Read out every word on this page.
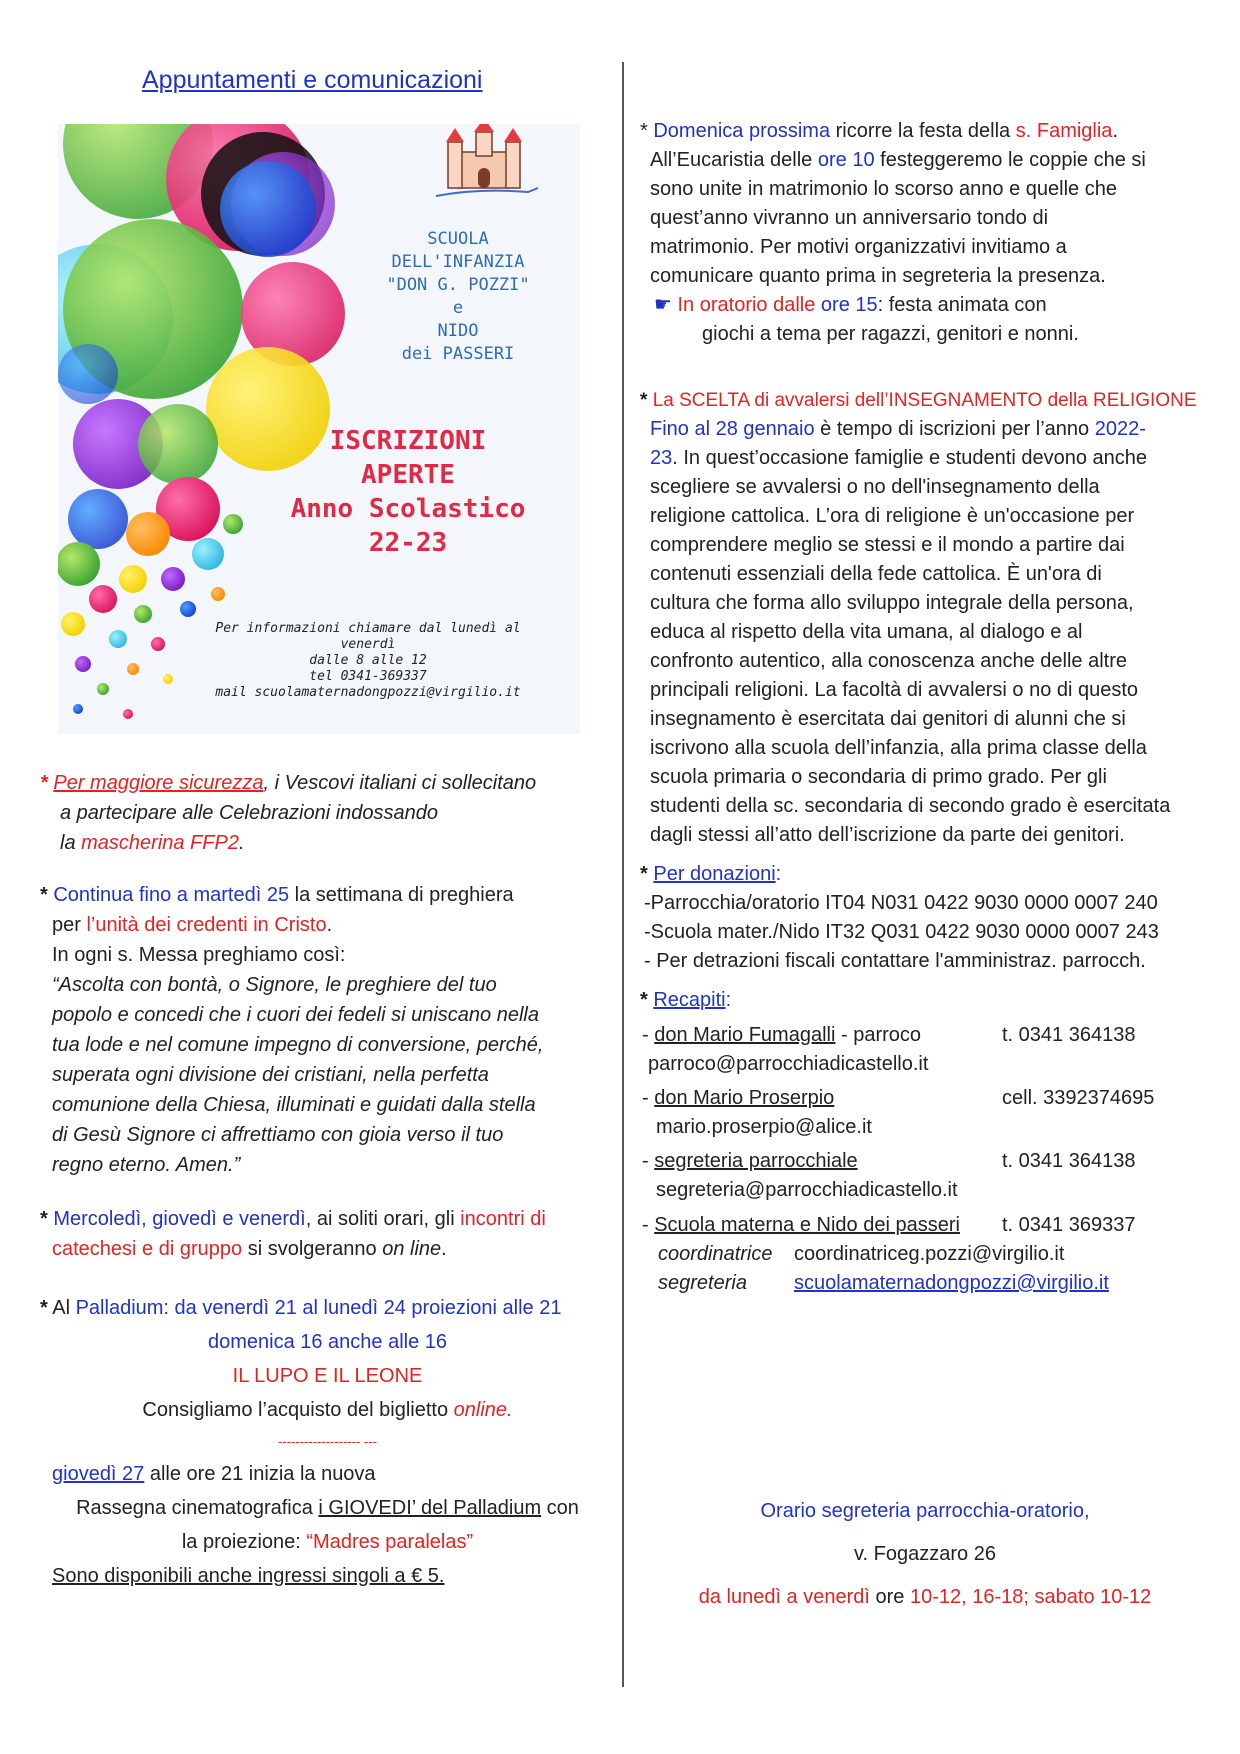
Appuntamenti e comunicazioni
SCUOLA
DELL'INFANZIA
"DON G. POZZI"
e
NIDO
dei PASSERI
ISCRIZIONI
APERTE
Anno Scolastico
22-23
Per informazioni chiamare dal lunedì al
venerdì
dalle 8 alle 12
tel 0341-369337
mail scuolamaternadongpozzi@virgilio.it
* Per maggiore sicurezza, i Vescovi italiani ci sollecitano
a partecipare alle Celebrazioni indossando
la mascherina FFP2.
* Continua fino a martedì 25 la settimana di preghiera
per l’unità dei credenti in Cristo.
In ogni s. Messa preghiamo così:
“Ascolta con bontà, o Signore, le preghiere del tuo
popolo e concedi che i cuori dei fedeli si uniscano nella
tua lode e nel comune impegno di conversione, perché,
superata ogni divisione dei cristiani, nella perfetta
comunione della Chiesa, illuminati e guidati dalla stella
di Gesù Signore ci affrettiamo con gioia verso il tuo
regno eterno. Amen.”
* Mercoledì, giovedì e venerdì, ai soliti orari, gli incontri di
catechesi e di gruppo si svolgeranno on line.
* Al Palladium: da venerdì 21 al lunedì 24 proiezioni alle 21
domenica 16 anche alle 16
IL LUPO E IL LEONE
Consigliamo l’acquisto del biglietto online.
------------------- ---
giovedì 27 alle ore 21 inizia la nuova
Rassegna cinematografica i GIOVEDI’ del Palladium con
la proiezione: “Madres paralelas”
Sono disponibili anche ingressi singoli a € 5.
* Domenica prossima ricorre la festa della s. Famiglia.
All’Eucaristia delle ore 10 festeggeremo le coppie che si
sono unite in matrimonio lo scorso anno e quelle che
quest’anno vivranno un anniversario tondo di
matrimonio. Per motivi organizzativi invitiamo a
comunicare quanto prima in segreteria la presenza.
☛ In oratorio dalle ore 15: festa animata con
giochi a tema per ragazzi, genitori e nonni.
* La SCELTA di avvalersi dell’INSEGNAMENTO della RELIGIONE
Fino al 28 gennaio è tempo di iscrizioni per l’anno 2022-
23. In quest’occasione famiglie e studenti devono anche
scegliere se avvalersi o no dell'insegnamento della
religione cattolica. L’ora di religione è un'occasione per
comprendere meglio se stessi e il mondo a partire dai
contenuti essenziali della fede cattolica. È un'ora di
cultura che forma allo sviluppo integrale della persona,
educa al rispetto della vita umana, al dialogo e al
confronto autentico, alla conoscenza anche delle altre
principali religioni. La facoltà di avvalersi o no di questo
insegnamento è esercitata dai genitori di alunni che si
iscrivono alla scuola dell’infanzia, alla prima classe della
scuola primaria o secondaria di primo grado. Per gli
studenti della sc. secondaria di secondo grado è esercitata
dagli stessi all’atto dell’iscrizione da parte dei genitori.
* Per donazioni:
-Parrocchia/oratorio IT04 N031 0422 9030 0000 0007 240
-Scuola mater./Nido IT32 Q031 0422 9030 0000 0007 243
- Per detrazioni fiscali contattare l'amministraz. parrocch.
* Recapiti:
- don Mario Fumagalli - parroco	t. 0341 364138
parroco@parrocchiadicastello.it
- don Mario Proserpio	cell. 3392374695
mario.proserpio@alice.it
- segreteria parrocchiale	t. 0341 364138
segreteria@parrocchiadicastello.it
- Scuola materna e Nido dei passeri	t. 0341 369337
coordinatrice coordinatriceg.pozzi@virgilio.it
segreteria scuolamaternadongpozzi@virgilio.it
Orario segreteria parrocchia-oratorio,
v. Fogazzaro 26
da lunedì a venerdì ore 10-12, 16-18; sabato 10-12
